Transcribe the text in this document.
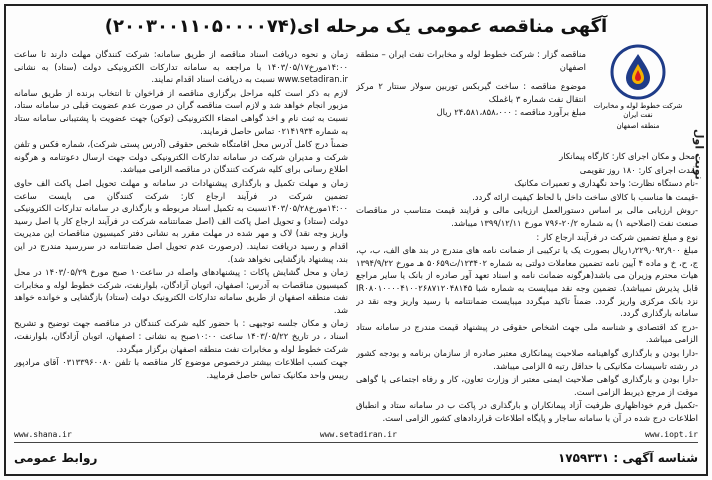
آگهی مناقصه عمومی یک مرحله ای(۲۰۰۳۰۰۱۱۰۵۰۰۰۰۷۴)
نوبت اول
شرکت خطوط لوله و مخابرات نفت ایران
منطقه اصفهان

مناقصه گزار : شرکت خطوط لوله و مخابرات نفت ایران – منطقه اصفهان

موضوع مناقصه : ساخت گیربکس توربین سولار سنتار ۲ مرکز انتقال نفت شماره ۳ باغملک

مبلغ برآورد مناقصه : ۲۴،۵۸۱،۸۵۸،۰۰۰ ریال

-محل و مکان اجرای کار: کارگاه پیمانکار

-مدت اجرای کار: ۱۸۰ روز تقویمی

-نام دستگاه نظارت: واحد نگهداری و تعمیرات مکانیک

-قیمت ها مناسب با کالای ساخت داخل با لحاظ کیفیت ارائه گردد.

-روش ارزیابی مالی بر اساس دستورالعمل ارزیابی مالی و فرایند قیمت متناسب در مناقصات صنعت نفت (اصلاحیه ۱) به شماره ۲۰/۲-۷۹۶ مورخ ۱۳۹۹/۱۲/۱۱ میباشد.

نوع و مبلغ تضمین شرکت در فرآیند ارجاع کار :

مبلغ ۱٫۲۲۹٫۰۹۲٫۹۰۰ریال بصورت یک یا ترکیبی از ضمانت نامه های مندرج در بند های الف، ب، پ، ج، ح، خ و ماده ۴ آیین نامه تضمین معاملات دولتی به شماره ۱۲۳۴۰۲/ت۵۰۶۵۹ هـ مورخ ۱۳۹۴/۹/۲۲ هیات محترم وزیران می باشد(هرگونه ضمانت نامه و اسناد تعهد آور صادره از بانک یا سایر مراجع قابل پذیرش نمیباشد). تضمین وجه نقد میبایست به شماره شبا IR۰۸۰۱۰۰۰۰۴۱۰۰۲۶۸۷۱۲۰۴۸۱۴۵ نزد بانک مرکزی واریز گردد. ضمناً تاکید میگردد میبایست ضمانتنامه با رسید واریز وجه نقد در سامانه بارگذاری گردد.

-درج کد اقتصادی و شناسه ملی جهت اشخاص حقوقی در پیشنهاد قیمت مندرج در سامانه ستاد الزامی میباشد.

-دارا بودن و بارگذاری گواهینامه صلاحیت پیمانکاری معتبر صادره از سازمان برنامه و بودجه کشور در رشته تاسیسات مکانیکی با حداقل رتبه ۵ الزامی میباشد.

-دارا بودن و بارگذاری گواهی صلاحیت ایمنی معتبر از وزارت تعاون، کار و رفاه اجتماعی یا گواهی موقت از مرجع ذیربط الزامی است.

-تکمیل فرم خوداظهاری ظرفیت آزاد پیمانکاران و بارگذاری در پاکت ب در سامانه ستاد و انطباق اطلاعات درج شده در آن با سامانه ساجار و پایگاه اطلاعات قراردادهای کشور الزامی است.

زمان و نحوه دریافت اسناد مناقصه از طریق سامانه: شرکت کنندگان مهلت دارند تا ساعت ۱۴:۰۰مورخ۱۴۰۳/۰۵/۱۷ با مراجعه به سامانه تدارکات الکترونیکی دولت (ستاد) به نشانی www.setadiran.ir نسبت به دریافت اسناد اقدام نمایند.

لازم به ذکر است کلیه مراحل برگزاری مناقصه از فراخوان تا انتخاب برنده از طریق سامانه مزبور انجام خواهد شد و لازم است مناقصه گران در صورت عدم عضویت قبلی در سامانه ستاد، نسبت به ثبت نام و اخذ گواهی امضاء الکترونیکی (توکن) جهت عضویت با پشتیبانی سامانه ستاد به شماره ۰۲۱۴۱۹۳۴ تماس حاصل فرمایند.

ضمناً درج کامل آدرس محل اقامتگاه شخص حقوقی (آدرس پستی شرکت)، شماره فکس و تلفن شرکت و مدیران شرکت در سامانه تدارکات الکترونیکی دولت جهت ارسال دعوتنامه و هرگونه اطلاع رسانی برای کلیه شرکت کنندگان در مناقصه الزامی میباشد.

زمان و مهلت تکمیل و بارگذاری پیشنهادات در سامانه و مهلت تحویل اصل پاکت الف حاوی تضمین شرکت در فرآیند ارجاع کار: شرکت کنندگان می بایست ساعت ۱۴:۰۰مورخ۱۴۰۳/۰۵/۲۸نسبت به تکمیل اسناد مربوطه و بارگذاری در سامانه تدارکات الکترونیکی دولت (ستاد) و تحویل اصل پاکت الف (اصل ضمانتنامه شرکت در فرآیند ارجاع کار یا اصل رسید واریز وجه نقد) لاک و مهر شده در مهلت مقرر به نشانی دفتر کمیسیون مناقصات این مدیریت اقدام و رسید دریافت نمایند. (درصورت عدم تحویل اصل ضمانتنامه در سررسید مندرج در این بند، پیشنهاد بازگشایی نخواهد شد).

زمان و محل گشایش پاکات : پیشنهادهای واصله در ساعت۱۰ صبح مورخ ۱۴۰۳/۰۵/۲۹ در محل کمیسیون مناقصات به آدرس: اصفهان، اتوبان آزادگان، بلوارنفت، شرکت خطوط لوله و مخابرات نفت منطقه اصفهان از طریق سامانه تدارکات الکترونیک دولت (ستاد) بازگشایی و خوانده خواهد شد.

زمان و مکان جلسه توجیهی : با حضور کلیه شرکت کنندگان در مناقصه جهت توضیح و تشریح اسناد ، در تاریخ ۱۴۰۳/۰۵/۲۲ ساعت ۱۰:۰۰صبح به نشانی : اصفهان، اتوبان آزادگان، بلوارنفت، شرکت خطوط لوله و مخابرات نفت منطقه اصفهان برگزار میگردد.

جهت کسب اطلاعات بیشتر درخصوص موضوع کار مناقصه با تلفن ۰۳۱۳۳۹۶۰۰۸۰ آقای مرادپور رییس واحد مکانیک تماس حاصل فرمایید.

www.shana.ir	www.setadiran.ir	www.iopt.ir
شناسه آگهی : ۱۷۵۹۳۳۱
روابط عمومی
